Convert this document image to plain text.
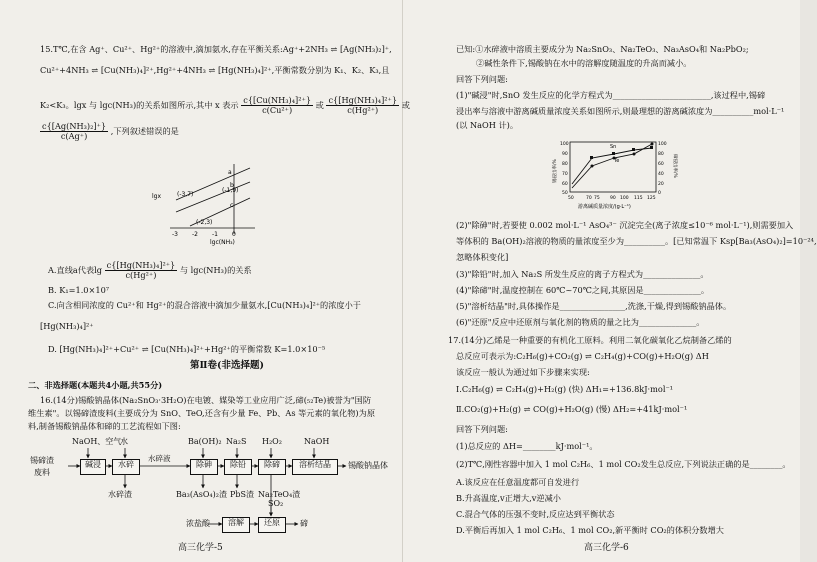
15.T℃,在含 Ag⁺、Cu²⁺、Hg²⁺的溶液中,滴加氨水,存在平衡关系:Ag⁺+2NH₃ ⇌ [Ag(NH₃)₂]⁺,
Cu²⁺+4NH₃ ⇌ [Cu(NH₃)₄]²⁺,Hg²⁺+4NH₃ ⇌ [Hg(NH₃)₄]²⁺,平衡常数分别为 K₁、K₂、K₃,且
K₂<K₃。lgx 与 lgc(NH₃)的关系如图所示,其中 x 表示 $\frac{\text{c\{[Cu(NH₃)₄]²⁺\}}}{\text{c(Cu²⁺)}}$ 或 $\frac{\text{c\{[Hg(NH₃)₄]²⁺\}}}{\text{c(Hg²⁺)}}$ 或
$\frac{\text{c\{[Ag(NH₃)₂]⁺\}}}{c(Ag^+)}$ ,下列叙述错误的是
lgx
lgc(NH₃)
-3 -2 -1 0
(-3,7)
(-1,9)
(-2,3)
a
b
c
A.直线a代表$\lg \frac{\text{c\{[Hg(NH₃)₄]²⁺\}}}{\text{c(Hg²⁺)}}$ 与 lgc(NH₃)的关系
B. K₁=1.0×10⁷
C.向含相同浓度的 Cu²⁺和 Hg²⁺的混合溶液中滴加少量氨水,[Cu(NH₃)₄]²⁺的浓度小于
[Hg(NH₃)₄]²⁺
D. [Hg(NH₃)₄]²⁺+Cu²⁺ ⇌ [Cu(NH₃)₄]²⁺+Hg²⁺的平衡常数 K=1.0×10⁻⁵
第Ⅱ卷(非选择题)
二、非选择题(本题共4小题,共55分)
16.(14分)锡酸钠晶体(Na₂SnO₃·3H₂O)在电镀、媒染等工业应用广泛,碲(₅₂Te)被誉为"国防
维生素"。以锡碲渣废料(主要成分为 SnO、TeO,还含有少量 Fe、Pb、As 等元素的氧化物)为原
料,制备锡酸钠晶体和碲的工艺流程如下图:
锡碲渣
废料
NaOH、空气
水	Ba(OH)₂ Na₂S H₂O₂	NaOH
碱浸	水碎
水碎液
除砷	除铅	除碲	溶析结晶	锡酸钠晶体
水碎渣	Ba₃(AsO₄)₂渣 PbS渣 Na₂TeO₄渣
浓盐酸	溶解
SO₂
还原	碲
高三化学-5
已知:①水碎液中溶质主要成分为 Na₂SnO₃、Na₂TeO₃、Na₃AsO₄和 Na₂PbO₂;
②碱性条件下,锡酸钠在水中的溶解度随温度的升高而减小。
回答下列问题:
(1)"碱浸"时,SnO 发生反应的化学方程式为________________________,该过程中,锡碲
浸出率与溶液中游离碱质量浓度关系如图所示,则最理想的游离碱浓度为__________mol·L⁻¹
(以 NaOH 计)。
Sn
Te
锡浸出率/%	碲浸出率/%
100
90
80
70
60
50
100
80
60
40
20
0
50	70 75 90 100 115 125
游离碱质量浓度/(g·L⁻¹)
(2)"除砷"时,若要使 0.002 mol·L⁻¹ AsO₄³⁻ 沉淀完全(离子浓度≤10⁻⁶ mol·L⁻¹),则需要加入
等体积的 Ba(OH)₂溶液的物质的量浓度至少为__________。[已知常温下 Ksp[Ba₃(AsO₄)₂]=10⁻²⁴,
忽略体积变化]
(3)"除铅"时,加入 Na₂S 所发生反应的离子方程式为______________。
(4)"除碲"时,温度控制在 60℃~70℃之间,其原因是______________。
(5)"溶析结晶"时,具体操作是________________,洗涤,干燥,得到锡酸钠晶体。
(6)"还原"反应中还原剂与氧化剂的物质的量之比为______________。
17.(14分)乙烯是一种重要的有机化工原料。利用二氧化碳氧化乙烷制备乙烯的
总反应可表示为:C₂H₆(g)+CO₂(g) ⇌ C₂H₄(g)+CO(g)+H₂O(g) ΔH
该反应一般认为通过如下步骤来实现:
Ⅰ.C₂H₆(g) ⇌ C₂H₄(g)+H₂(g) (快) ΔH₁=+136.8kJ·mol⁻¹
Ⅱ.CO₂(g)+H₂(g) ⇌ CO(g)+H₂O(g) (慢) ΔH₂=+41kJ·mol⁻¹
回答下列问题:
(1)总反应的 ΔH=________kJ·mol⁻¹。
(2)T℃,刚性容器中加入 1 mol C₂H₆、1 mol CO₂发生总反应,下列说法正确的是________。
A.该反应在任意温度都可自发进行
B.升高温度,v正增大,v逆减小
C.混合气体的压强不变时,反应达到平衡状态
D.平衡后再加入 1 mol C₂H₆、1 mol CO₂,新平衡时 CO₂的体积分数增大
高三化学-6
